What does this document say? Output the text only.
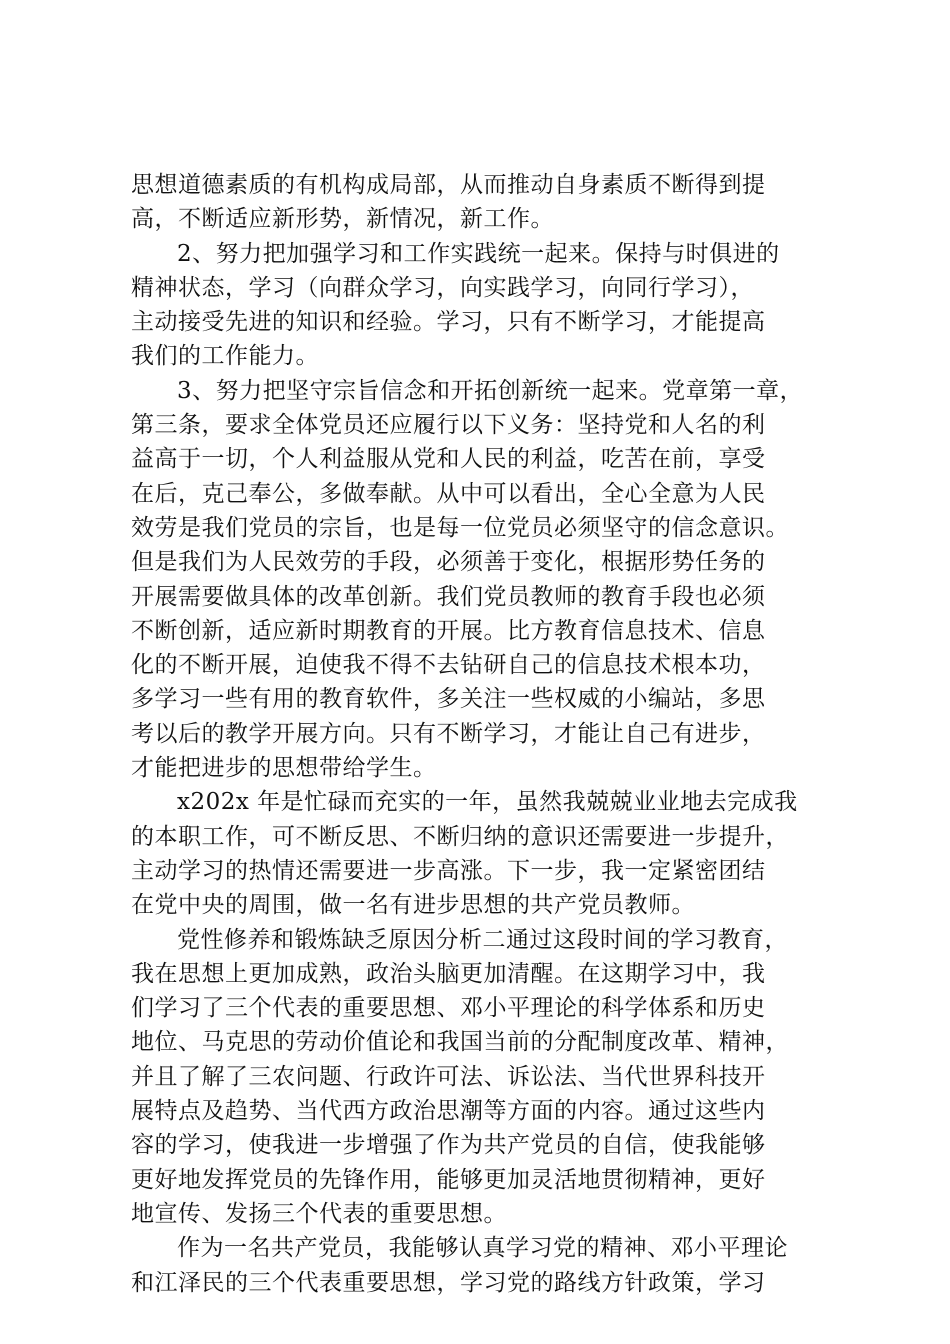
思想道德素质的有机构成局部，从而推动自身素质不断得到提
高，不断适应新形势，新情况，新工作。
2、努力把加强学习和工作实践统一起来。保持与时俱进的
精神状态，学习（向群众学习，向实践学习，向同行学习），
主动接受先进的知识和经验。学习，只有不断学习，才能提高
我们的工作能力。
3、努力把坚守宗旨信念和开拓创新统一起来。党章第一章，
第三条，要求全体党员还应履行以下义务：坚持党和人名的利
益高于一切，个人利益服从党和人民的利益，吃苦在前，享受
在后，克己奉公，多做奉献。从中可以看出，全心全意为人民
效劳是我们党员的宗旨，也是每一位党员必须坚守的信念意识。
但是我们为人民效劳的手段，必须善于变化，根据形势任务的
开展需要做具体的改革创新。我们党员教师的教育手段也必须
不断创新，适应新时期教育的开展。比方教育信息技术、信息
化的不断开展，迫使我不得不去钻研自己的信息技术根本功，
多学习一些有用的教育软件，多关注一些权威的小编站，多思
考以后的教学开展方向。只有不断学习，才能让自己有进步，
才能把进步的思想带给学生。
x202x 年是忙碌而充实的一年，虽然我兢兢业业地去完成我
的本职工作，可不断反思、不断归纳的意识还需要进一步提升，
主动学习的热情还需要进一步高涨。下一步，我一定紧密团结
在党中央的周围，做一名有进步思想的共产党员教师。
党性修养和锻炼缺乏原因分析二通过这段时间的学习教育，
我在思想上更加成熟，政治头脑更加清醒。在这期学习中，我
们学习了三个代表的重要思想、邓小平理论的科学体系和历史
地位、马克思的劳动价值论和我国当前的分配制度改革、精神，
并且了解了三农问题、行政许可法、诉讼法、当代世界科技开
展特点及趋势、当代西方政治思潮等方面的内容。通过这些内
容的学习，使我进一步增强了作为共产党员的自信，使我能够
更好地发挥党员的先锋作用，能够更加灵活地贯彻精神，更好
地宣传、发扬三个代表的重要思想。
作为一名共产党员，我能够认真学习党的精神、邓小平理论
和江泽民的三个代表重要思想，学习党的路线方针政策，学习
